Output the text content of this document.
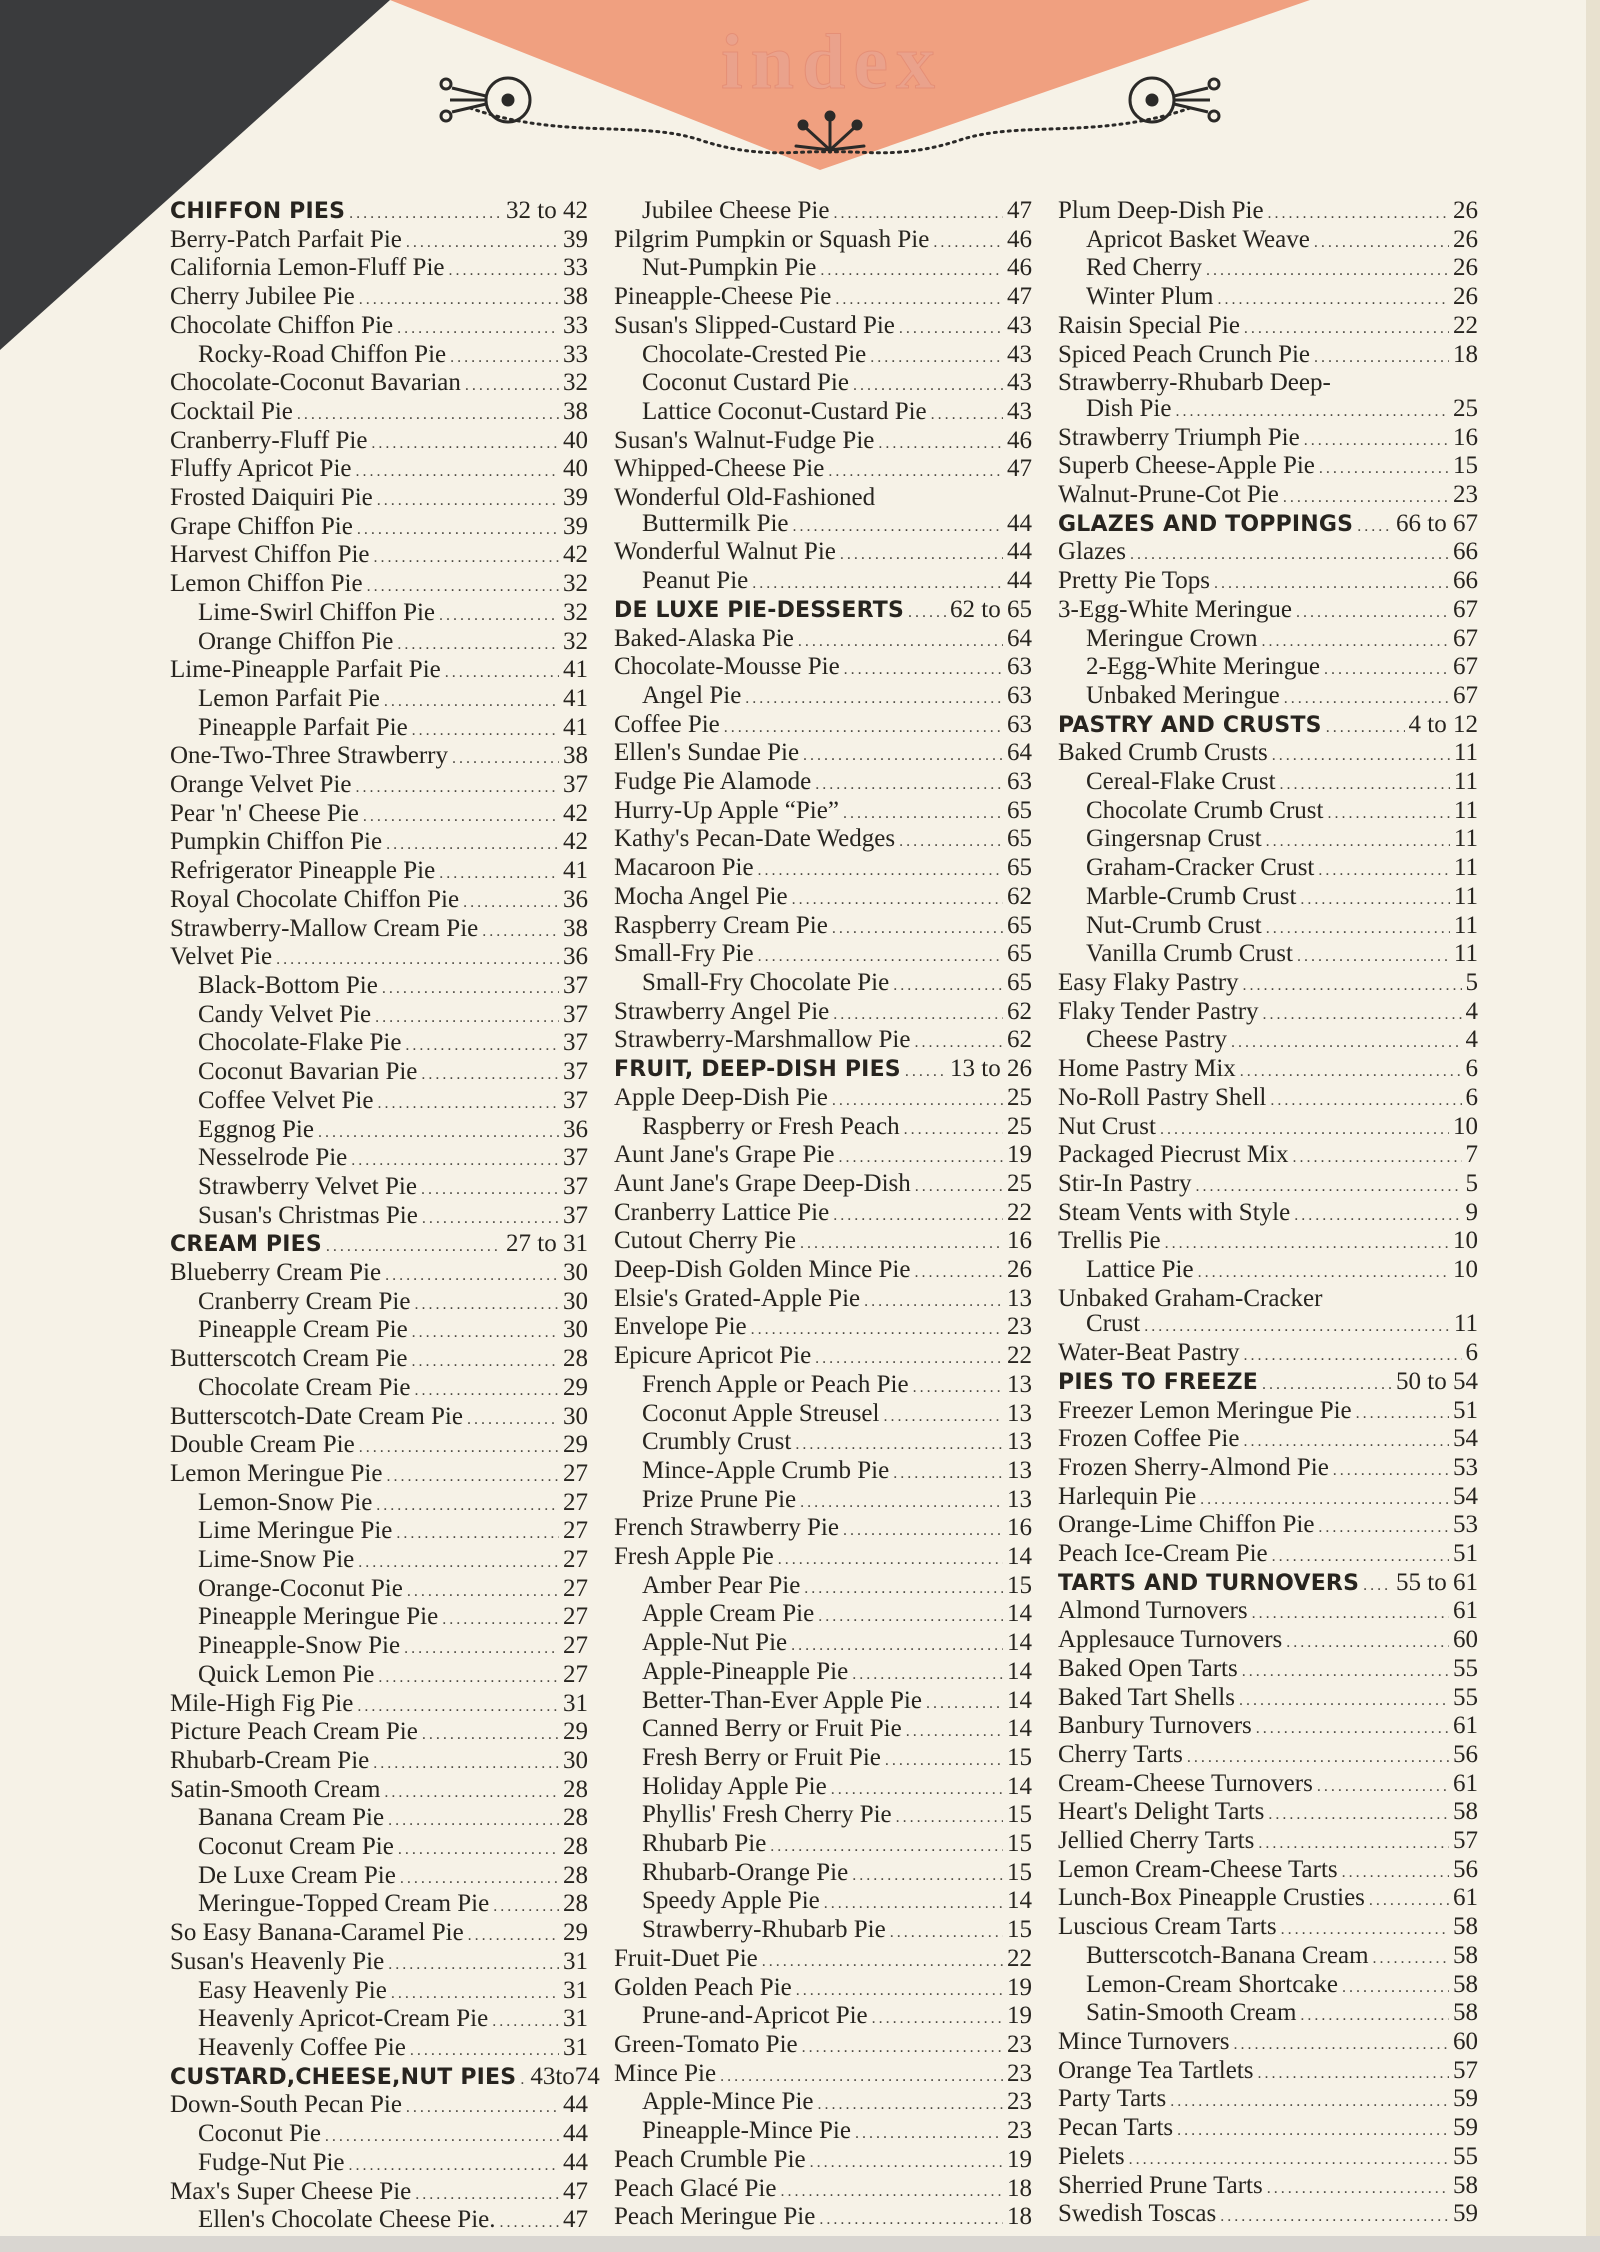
index
CHIFFON PIES .....	32 to 42
Berry-Patch Parfait Pie .....	39
California Lemon-Fluff Pie .....	33
Cherry Jubilee Pie .....	38
Chocolate Chiffon Pie .....	33
Rocky-Road Chiffon Pie .....	33
Chocolate-Coconut Bavarian .....	32
Cocktail Pie .....	38
Cranberry-Fluff Pie .....	40
Fluffy Apricot Pie .....	40
Frosted Daiquiri Pie .....	39
Grape Chiffon Pie .....	39
Harvest Chiffon Pie .....	42
Lemon Chiffon Pie .....	32
Lime-Swirl Chiffon Pie .....	32
Orange Chiffon Pie .....	32
Lime-Pineapple Parfait Pie .....	41
Lemon Parfait Pie .....	41
Pineapple Parfait Pie .....	41
One-Two-Three Strawberry .....	38
Orange Velvet Pie .....	37
Pear 'n' Cheese Pie .....	42
Pumpkin Chiffon Pie .....	42
Refrigerator Pineapple Pie .....	41
Royal Chocolate Chiffon Pie .....	36
Strawberry-Mallow Cream Pie .....	38
Velvet Pie .....	36
Black-Bottom Pie .....	37
Candy Velvet Pie .....	37
Chocolate-Flake Pie .....	37
Coconut Bavarian Pie .....	37
Coffee Velvet Pie .....	37
Eggnog Pie .....	36
Nesselrode Pie .....	37
Strawberry Velvet Pie .....	37
Susan's Christmas Pie .....	37
CREAM PIES .....	27 to 31
Blueberry Cream Pie .....	30
Cranberry Cream Pie .....	30
Pineapple Cream Pie .....	30
Butterscotch Cream Pie .....	28
Chocolate Cream Pie .....	29
Butterscotch-Date Cream Pie .....	30
Double Cream Pie .....	29
Lemon Meringue Pie .....	27
Lemon-Snow Pie .....	27
Lime Meringue Pie .....	27
Lime-Snow Pie .....	27
Orange-Coconut Pie .....	27
Pineapple Meringue Pie .....	27
Pineapple-Snow Pie .....	27
Quick Lemon Pie .....	27
Mile-High Fig Pie .....	31
Picture Peach Cream Pie .....	29
Rhubarb-Cream Pie .....	30
Satin-Smooth Cream .....	28
Banana Cream Pie .....	28
Coconut Cream Pie .....	28
De Luxe Cream Pie .....	28
Meringue-Topped Cream Pie .....	28
So Easy Banana-Caramel Pie .....	29
Susan's Heavenly Pie .....	31
Easy Heavenly Pie .....	31
Heavenly Apricot-Cream Pie .....	31
Heavenly Coffee Pie .....	31
CUSTARD,CHEESE,NUT PIES ..... 43to74
Down-South Pecan Pie .....	44
Coconut Pie .....	44
Fudge-Nut Pie .....	44
Max's Super Cheese Pie .....	47
Ellen's Chocolate Cheese Pie. .....	47
Jubilee Cheese Pie .....	47
Pilgrim Pumpkin or Squash Pie .....	46
Nut-Pumpkin Pie .....	46
Pineapple-Cheese Pie .....	47
Susan's Slipped-Custard Pie .....	43
Chocolate-Crested Pie .....	43
Coconut Custard Pie .....	43
Lattice Coconut-Custard Pie .....	43
Susan's Walnut-Fudge Pie .....	46
Whipped-Cheese Pie .....	47
Wonderful Old-Fashioned
Buttermilk Pie .....	44
Wonderful Walnut Pie .....	44
Peanut Pie .....	44
DE LUXE PIE-DESSERTS ..... 62 to 65
Baked-Alaska Pie .....	64
Chocolate-Mousse Pie .....	63
Angel Pie .....	63
Coffee Pie .....	63
Ellen's Sundae Pie .....	64
Fudge Pie Alamode .....	63
Hurry-Up Apple “Pie” .....	65
Kathy's Pecan-Date Wedges .....	65
Macaroon Pie .....	65
Mocha Angel Pie .....	62
Raspberry Cream Pie .....	65
Small-Fry Pie .....	65
Small-Fry Chocolate Pie .....	65
Strawberry Angel Pie .....	62
Strawberry-Marshmallow Pie .....	62
FRUIT, DEEP-DISH PIES ..... 13 to 26
Apple Deep-Dish Pie .....	25
Raspberry or Fresh Peach .....	25
Aunt Jane's Grape Pie .....	19
Aunt Jane's Grape Deep-Dish .....	25
Cranberry Lattice Pie .....	22
Cutout Cherry Pie .....	16
Deep-Dish Golden Mince Pie .....	26
Elsie's Grated-Apple Pie .....	13
Envelope Pie .....	23
Epicure Apricot Pie .....	22
French Apple or Peach Pie .....	13
Coconut Apple Streusel .....	13
Crumbly Crust .....	13
Mince-Apple Crumb Pie .....	13
Prize Prune Pie .....	13
French Strawberry Pie .....	16
Fresh Apple Pie .....	14
Amber Pear Pie .....	15
Apple Cream Pie .....	14
Apple-Nut Pie .....	14
Apple-Pineapple Pie .....	14
Better-Than-Ever Apple Pie .....	14
Canned Berry or Fruit Pie .....	14
Fresh Berry or Fruit Pie .....	15
Holiday Apple Pie .....	14
Phyllis' Fresh Cherry Pie .....	15
Rhubarb Pie .....	15
Rhubarb-Orange Pie .....	15
Speedy Apple Pie .....	14
Strawberry-Rhubarb Pie .....	15
Fruit-Duet Pie .....	22
Golden Peach Pie .....	19
Prune-and-Apricot Pie .....	19
Green-Tomato Pie .....	23
Mince Pie .....	23
Apple-Mince Pie .....	23
Pineapple-Mince Pie .....	23
Peach Crumble Pie .....	19
Peach Glacé Pie .....	18
Peach Meringue Pie .....	18
Plum Deep-Dish Pie .....	26
Apricot Basket Weave .....	26
Red Cherry .....	26
Winter Plum .....	26
Raisin Special Pie .....	22
Spiced Peach Crunch Pie .....	18
Strawberry-Rhubarb Deep-
Dish Pie .....	25
Strawberry Triumph Pie .....	16
Superb Cheese-Apple Pie .....	15
Walnut-Prune-Cot Pie .....	23
GLAZES AND TOPPINGS ..... 66 to 67
Glazes .....	66
Pretty Pie Tops .....	66
3-Egg-White Meringue .....	67
Meringue Crown .....	67
2-Egg-White Meringue .....	67
Unbaked Meringue .....	67
PASTRY AND CRUSTS .....	4 to 12
Baked Crumb Crusts .....	11
Cereal-Flake Crust .....	11
Chocolate Crumb Crust .....	11
Gingersnap Crust .....	11
Graham-Cracker Crust .....	11
Marble-Crumb Crust .....	11
Nut-Crumb Crust .....	11
Vanilla Crumb Crust .....	11
Easy Flaky Pastry .....	5
Flaky Tender Pastry .....	4
Cheese Pastry .....	4
Home Pastry Mix .....	6
No-Roll Pastry Shell .....	6
Nut Crust .....	10
Packaged Piecrust Mix .....	7
Stir-In Pastry .....	5
Steam Vents with Style .....	9
Trellis Pie .....	10
Lattice Pie .....	10
Unbaked Graham-Cracker
Crust .....	11
Water-Beat Pastry .....	6
PIES TO FREEZE .....	50 to 54
Freezer Lemon Meringue Pie .....	51
Frozen Coffee Pie .....	54
Frozen Sherry-Almond Pie .....	53
Harlequin Pie .....	54
Orange-Lime Chiffon Pie .....	53
Peach Ice-Cream Pie .....	51
TARTS AND TURNOVERS ..... 55 to 61
Almond Turnovers .....	61
Applesauce Turnovers .....	60
Baked Open Tarts .....	55
Baked Tart Shells .....	55
Banbury Turnovers .....	61
Cherry Tarts .....	56
Cream-Cheese Turnovers .....	61
Heart's Delight Tarts .....	58
Jellied Cherry Tarts .....	57
Lemon Cream-Cheese Tarts .....	56
Lunch-Box Pineapple Crusties .....	61
Luscious Cream Tarts .....	58
Butterscotch-Banana Cream .....	58
Lemon-Cream Shortcake .....	58
Satin-Smooth Cream .....	58
Mince Turnovers .....	60
Orange Tea Tartlets .....	57
Party Tarts .....	59
Pecan Tarts .....	59
Pielets .....	55
Sherried Prune Tarts .....	58
Swedish Toscas .....	59
